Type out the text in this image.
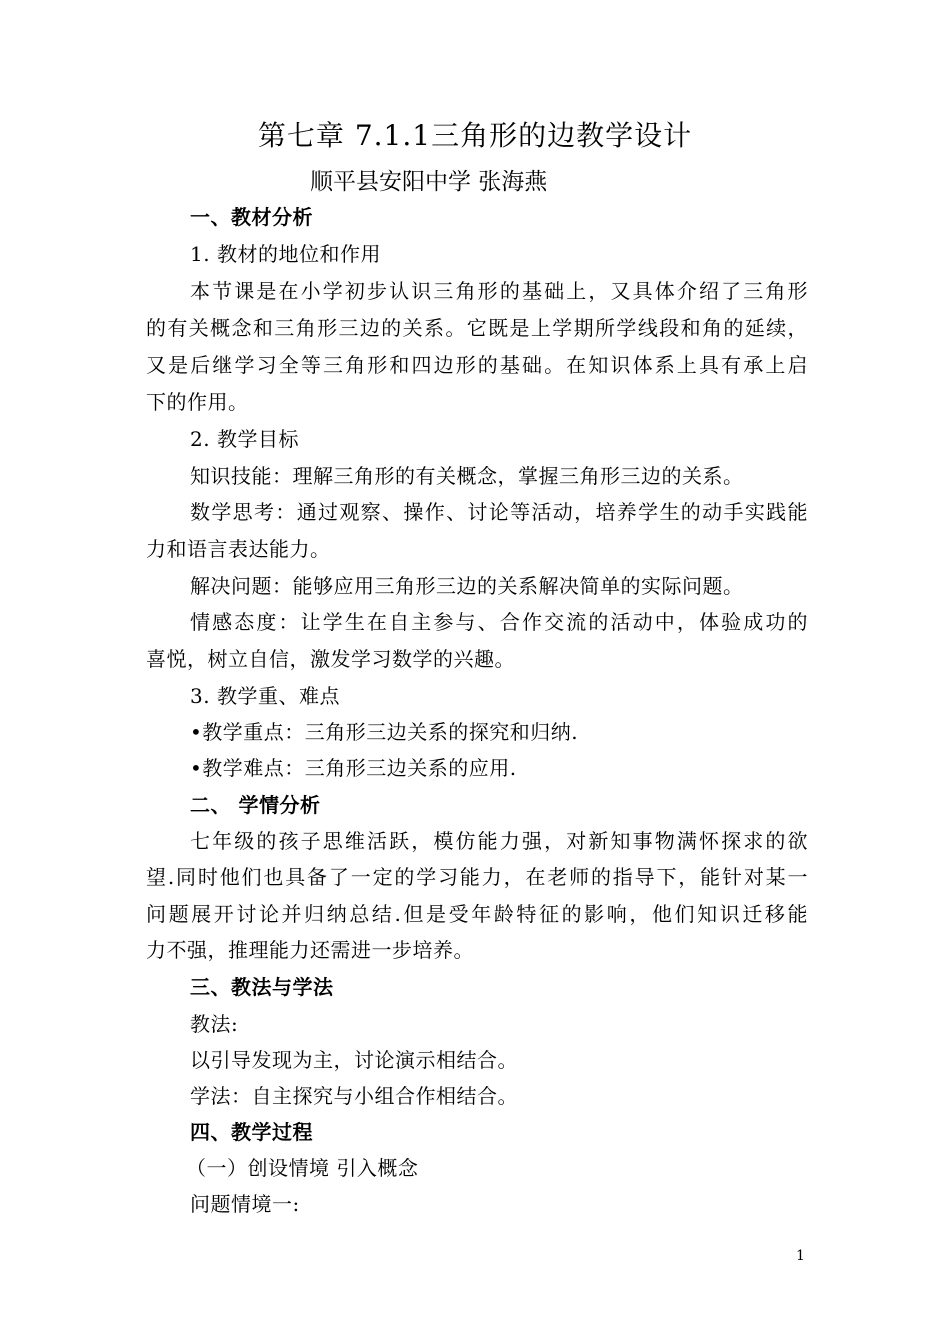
第七章 7.1.1三角形的边教学设计
顺平县安阳中学 张海燕
一、教材分析
1. 教材的地位和作用
本节课是在小学初步认识三角形的基础上，又具体介绍了三角形
的有关概念和三角形三边的关系。它既是上学期所学线段和角的延续，
又是后继学习全等三角形和四边形的基础。在知识体系上具有承上启
下的作用。
2. 教学目标
知识技能：理解三角形的有关概念，掌握三角形三边的关系。
数学思考：通过观察、操作、讨论等活动，培养学生的动手实践能
力和语言表达能力。
解决问题：能够应用三角形三边的关系解决简单的实际问题。
情感态度：让学生在自主参与、合作交流的活动中，体验成功的
喜悦，树立自信，激发学习数学的兴趣。
3. 教学重、难点
•教学重点：三角形三边关系的探究和归纳.
•教学难点：三角形三边关系的应用.
二、 学情分析
七年级的孩子思维活跃，模仿能力强，对新知事物满怀探求的欲
望.同时他们也具备了一定的学习能力，在老师的指导下，能针对某一
问题展开讨论并归纳总结.但是受年龄特征的影响，他们知识迁移能
力不强，推理能力还需进一步培养。
三、教法与学法
教法:
以引导发现为主，讨论演示相结合。
学法：自主探究与小组合作相结合。
四、教学过程
（一）创设情境 引入概念
问题情境一:
1
